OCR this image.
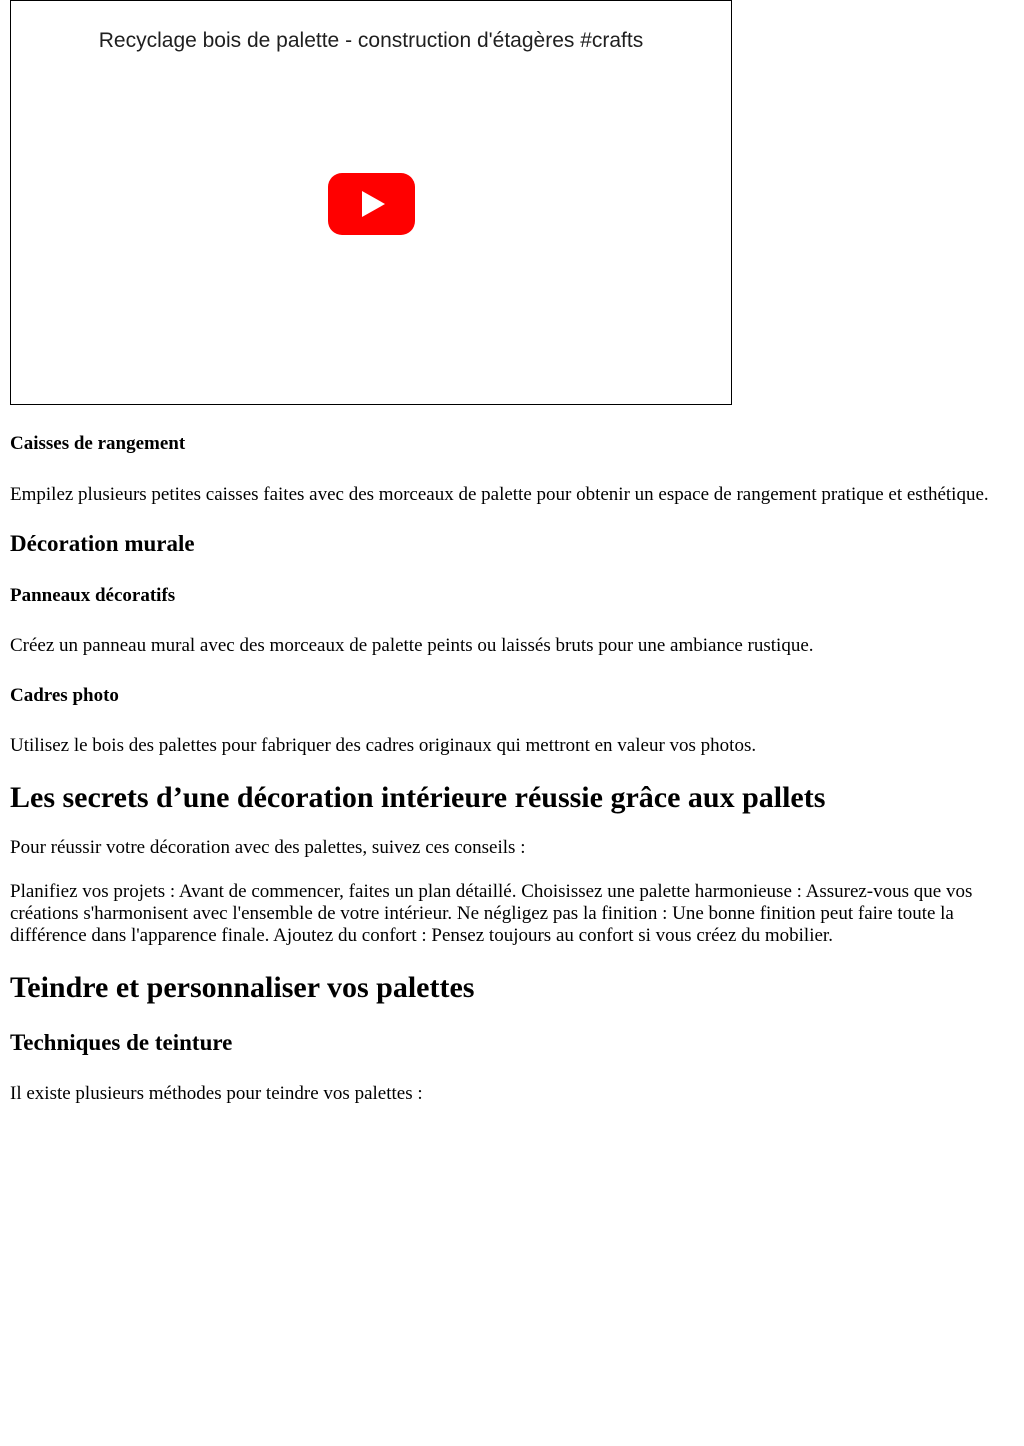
Recyclage bois de palette - construction d'étagères #crafts
Caisses de rangement

Empilez plusieurs petites caisses faites avec des morceaux de palette pour obtenir un espace de rangement pratique et esthétique.

Décoration murale
Panneaux décoratifs

Créez un panneau mural avec des morceaux de palette peints ou laissés bruts pour une ambiance rustique.

Cadres photo

Utilisez le bois des palettes pour fabriquer des cadres originaux qui mettront en valeur vos photos.

Les secrets d’une décoration intérieure réussie grâce aux pallets

Pour réussir votre décoration avec des palettes, suivez ces conseils :

Planifiez vos projets : Avant de commencer, faites un plan détaillé. Choisissez une palette harmonieuse : Assurez-vous que vos créations s'harmonisent avec l'ensemble de votre intérieur. Ne négligez pas la finition : Une bonne finition peut faire toute la différence dans l'apparence finale. Ajoutez du confort : Pensez toujours au confort si vous créez du mobilier.

Teindre et personnaliser vos palettes
Techniques de teinture

Il existe plusieurs méthodes pour teindre vos palettes :
